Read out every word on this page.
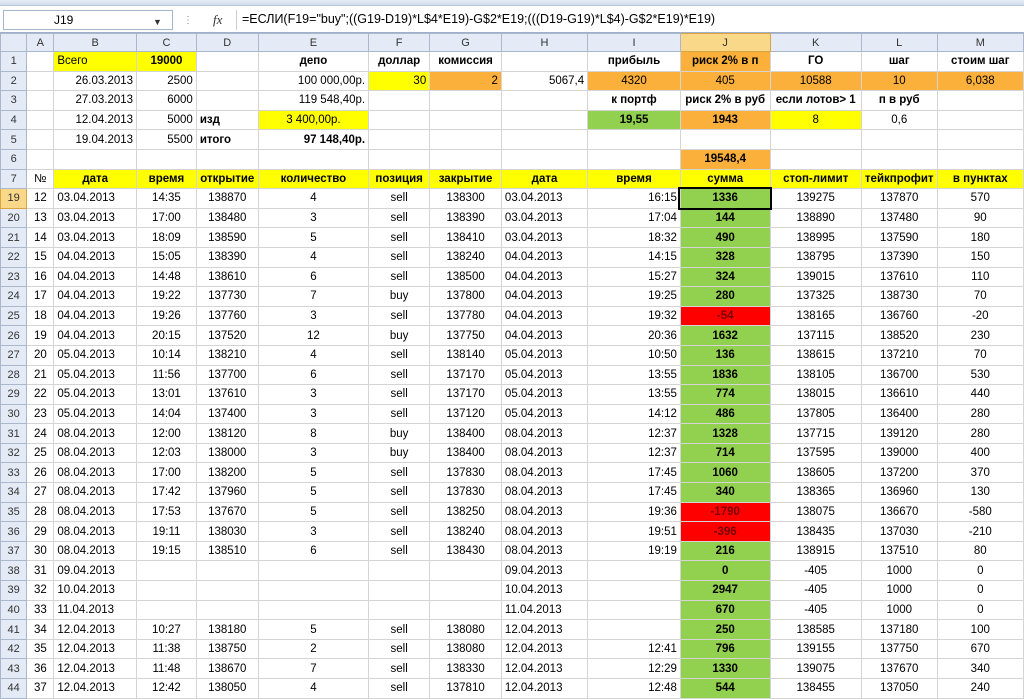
J19	▼ ⋮ fx	=ЕСЛИ(F19="buy";((G19-D19)*L$4*E19)-G$2*E19;(((D19-G19)*L$4)-G$2*E19)*E19)
	A	B	C	D	E	F	G	H	I	J	K	L	M
1		Всего	19000		депо	доллар	комиссия		прибыль	риск 2% в п	ГО	шаг	стоим шаг
2		26.03.2013	2500		100 000,00р.	30	2	5067,4	4320	405	10588	10	6,038
3		27.03.2013	6000		119 548,40р.				к портф	риск 2% в руб	если лотов> 1	п в руб	
4		12.04.2013	5000	изд	3 400,00р.				19,55	1943	8	0,6	
5		19.04.2013	5500	итого	97 148,40р.								
6										19548,4			
7	№	дата	время	открытие	количество	позиция	закрытие	дата	время	сумма	стоп-лимит	тейкпрофит	в пунктах
19	12	03.04.2013	14:35	138870	4	sell	138300	03.04.2013	16:15	1336	139275	137870	570
20	13	03.04.2013	17:00	138480	3	sell	138390	03.04.2013	17:04	144	138890	137480	90
21	14	03.04.2013	18:09	138590	5	sell	138410	03.04.2013	18:32	490	138995	137590	180
22	15	04.04.2013	15:05	138390	4	sell	138240	04.04.2013	14:15	328	138795	137390	150
23	16	04.04.2013	14:48	138610	6	sell	138500	04.04.2013	15:27	324	139015	137610	110
24	17	04.04.2013	19:22	137730	7	buy	137800	04.04.2013	19:25	280	137325	138730	70
25	18	04.04.2013	19:26	137760	3	sell	137780	04.04.2013	19:32	-54	138165	136760	-20
26	19	04.04.2013	20:15	137520	12	buy	137750	04.04.2013	20:36	1632	137115	138520	230
27	20	05.04.2013	10:14	138210	4	sell	138140	05.04.2013	10:50	136	138615	137210	70
28	21	05.04.2013	11:56	137700	6	sell	137170	05.04.2013	13:55	1836	138105	136700	530
29	22	05.04.2013	13:01	137610	3	sell	137170	05.04.2013	13:55	774	138015	136610	440
30	23	05.04.2013	14:04	137400	3	sell	137120	05.04.2013	14:12	486	137805	136400	280
31	24	08.04.2013	12:00	138120	8	buy	138400	08.04.2013	12:37	1328	137715	139120	280
32	25	08.04.2013	12:03	138000	3	buy	138400	08.04.2013	12:37	714	137595	139000	400
33	26	08.04.2013	17:00	138200	5	sell	137830	08.04.2013	17:45	1060	138605	137200	370
34	27	08.04.2013	17:42	137960	5	sell	137830	08.04.2013	17:45	340	138365	136960	130
35	28	08.04.2013	17:53	137670	5	sell	138250	08.04.2013	19:36	-1790	138075	136670	-580
36	29	08.04.2013	19:11	138030	3	sell	138240	08.04.2013	19:51	-396	138435	137030	-210
37	30	08.04.2013	19:15	138510	6	sell	138430	08.04.2013	19:19	216	138915	137510	80
38	31	09.04.2013						09.04.2013		0	-405	1000	0
39	32	10.04.2013						10.04.2013		2947	-405	1000	0
40	33	11.04.2013						11.04.2013		670	-405	1000	0
41	34	12.04.2013	10:27	138180	5	sell	138080	12.04.2013		250	138585	137180	100
42	35	12.04.2013	11:38	138750	2	sell	138080	12.04.2013	12:41	796	139155	137750	670
43	36	12.04.2013	11:48	138670	7	sell	138330	12.04.2013	12:29	1330	139075	137670	340
44	37	12.04.2013	12:42	138050	4	sell	137810	12.04.2013	12:48	544	138455	137050	240
